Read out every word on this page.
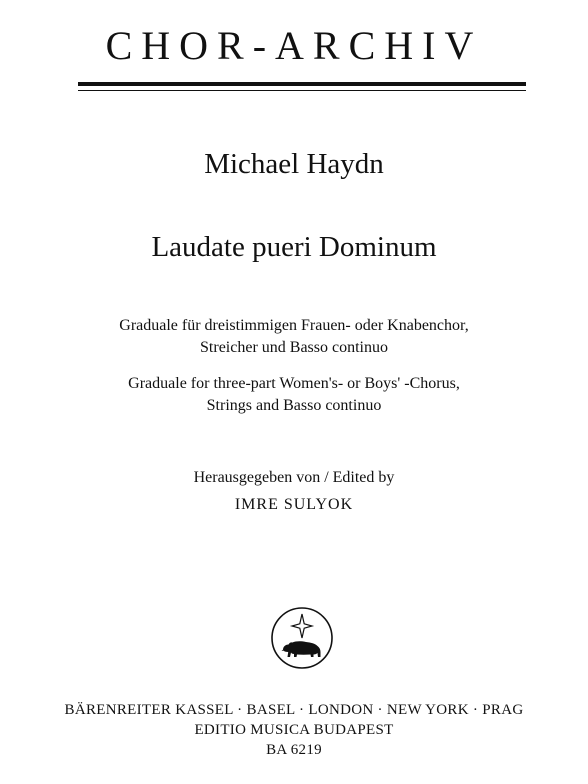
CHOR-ARCHIV
Michael Haydn
Laudate pueri Dominum
Graduale für dreistimmigen Frauen- oder Knabenchor,
Streicher und Basso continuo
Graduale for three-part Women's- or Boys' -Chorus,
Strings and Basso continuo
Herausgegeben von / Edited by
IMRE SULYOK
BÄRENREITER KASSEL · BASEL · LONDON · NEW YORK · PRAG
EDITIO MUSICA BUDAPEST
BA 6219
